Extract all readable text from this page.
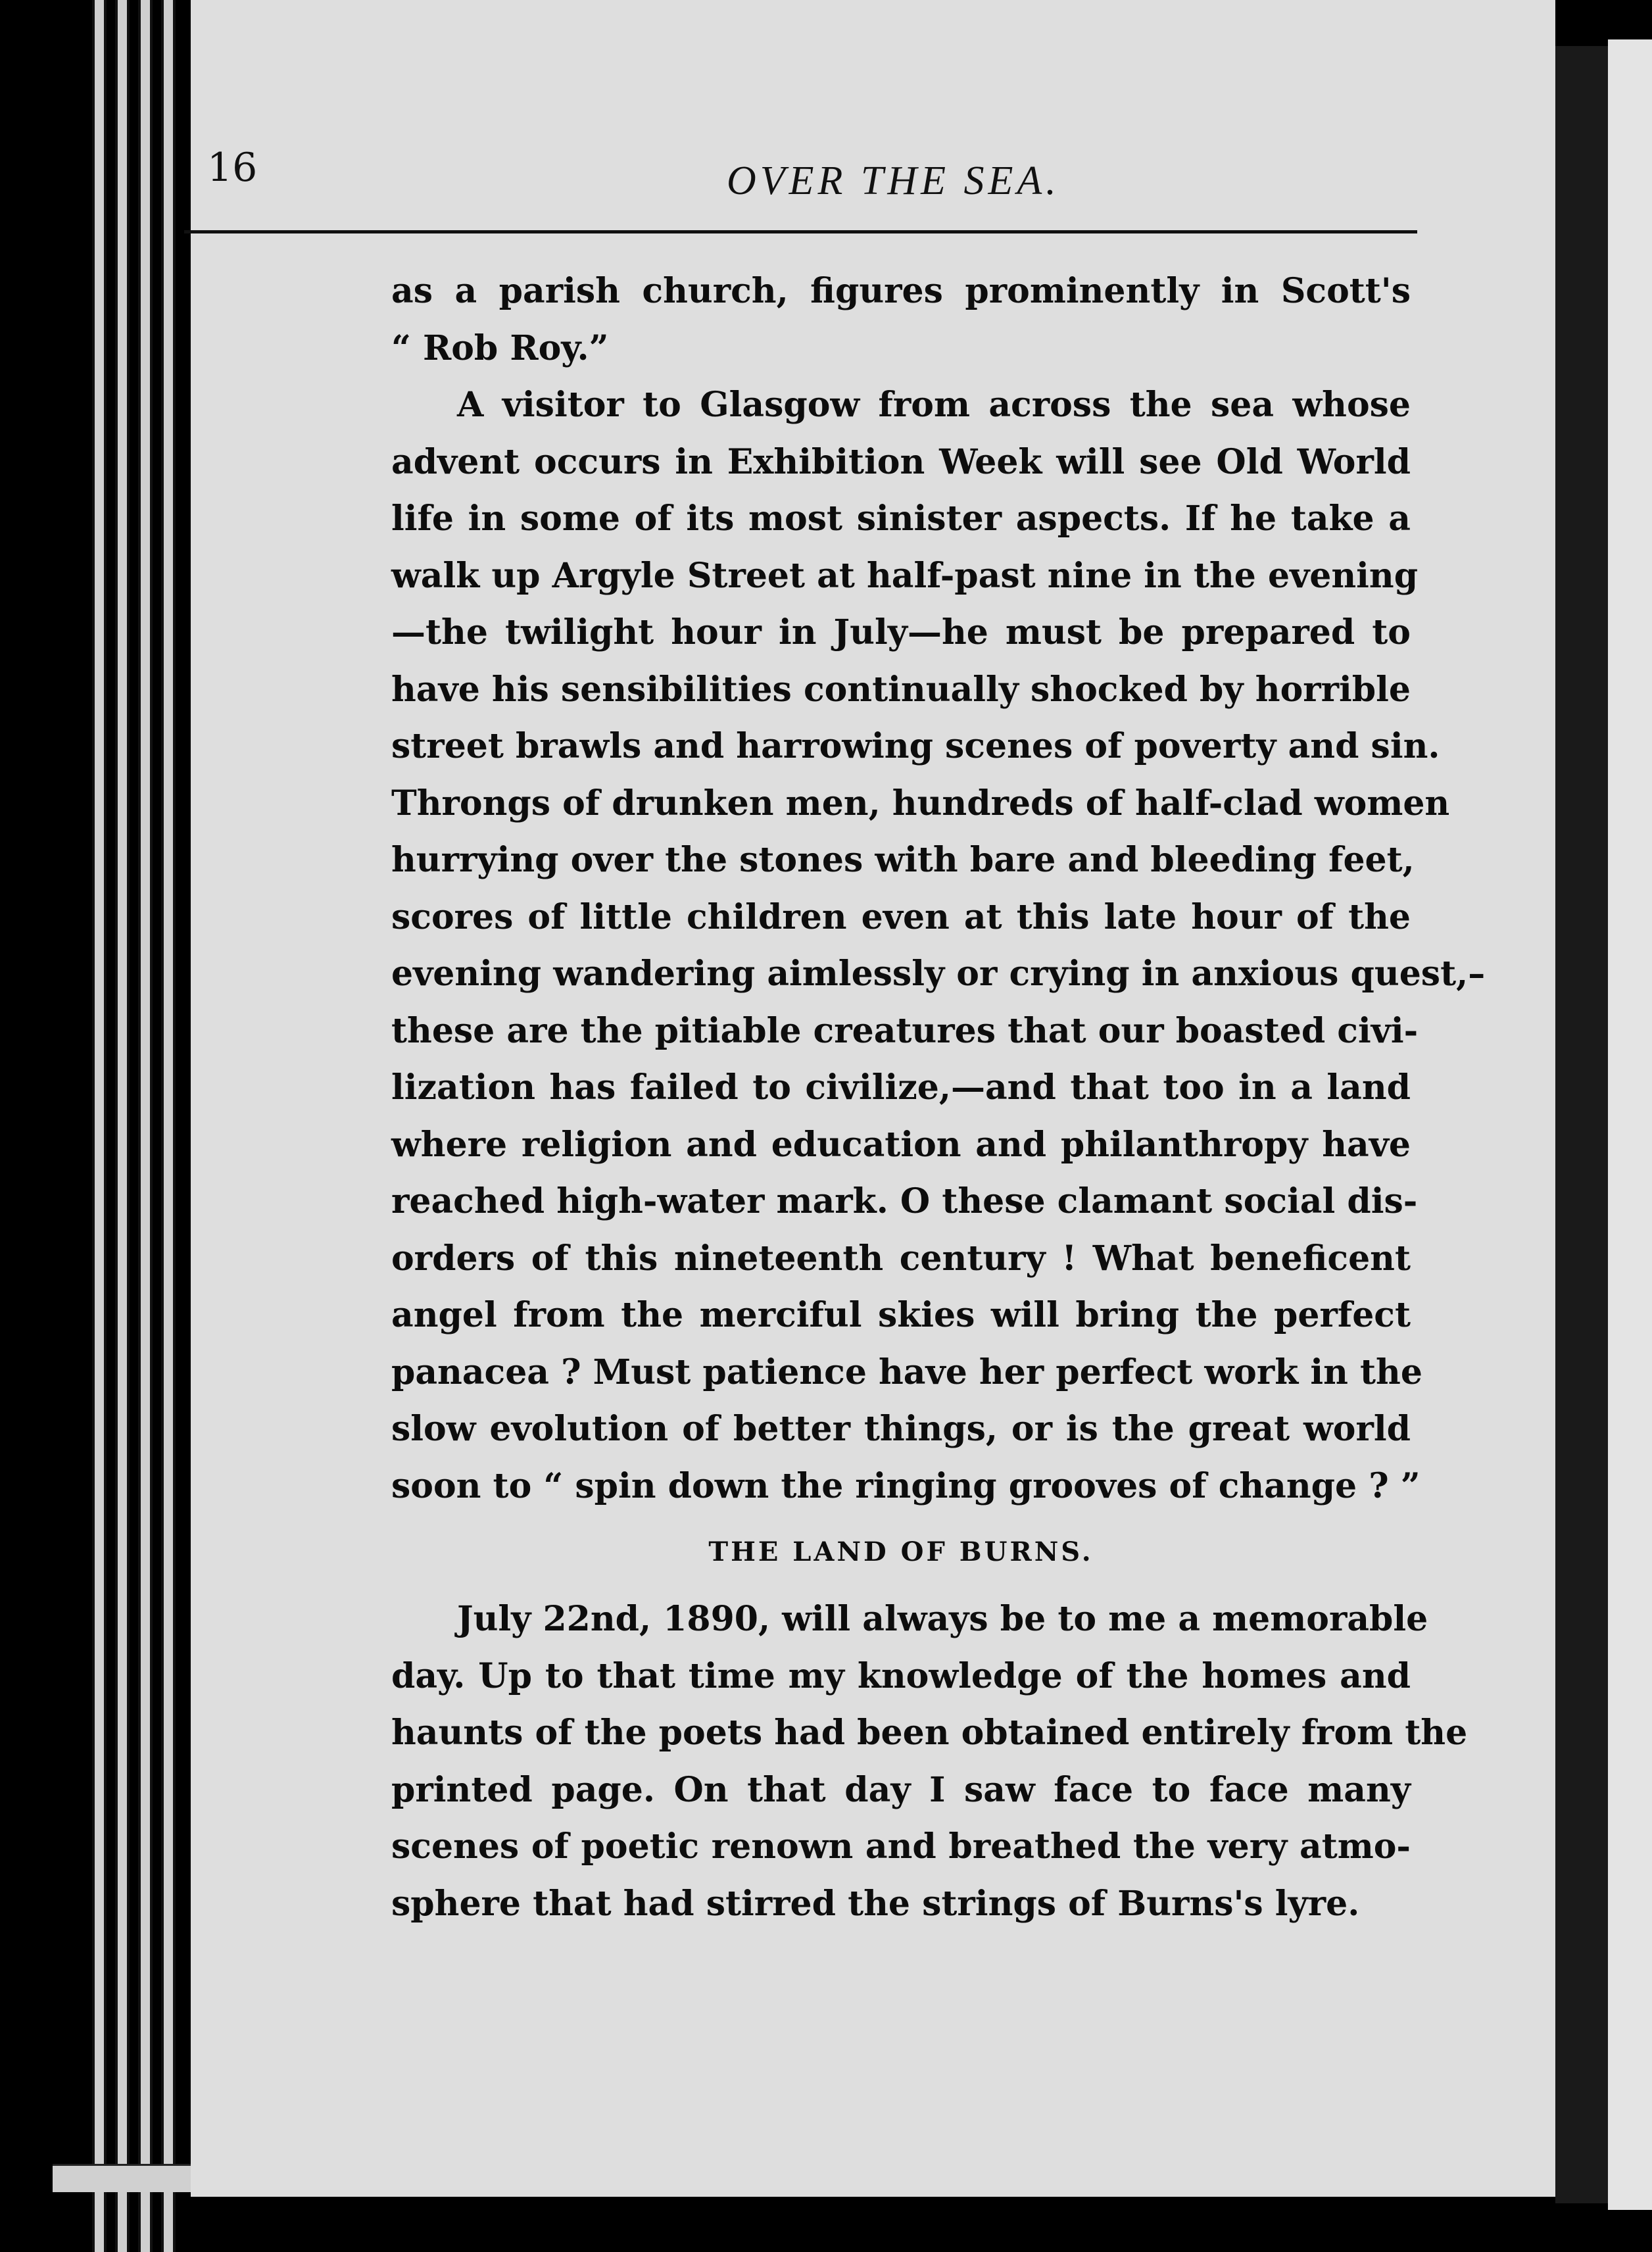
16	OVER THE SEA.
as a parish church, figures prominently in Scott's
“ Rob Roy.”
A visitor to Glasgow from across the sea whose
advent occurs in Exhibition Week will see Old World
life in some of its most sinister aspects. If he take a
walk up Argyle Street at half-past nine in the evening
—the twilight hour in July—he must be prepared to
have his sensibilities continually shocked by horrible
street brawls and harrowing scenes of poverty and sin.
Throngs of drunken men, hundreds of half-clad women
hurrying over the stones with bare and bleeding feet,
scores of little children even at this late hour of the
evening wandering aimlessly or crying in anxious quest,–
these are the pitiable creatures that our boasted civi-
lization has failed to civilize,—and that too in a land
where religion and education and philanthropy have
reached high-water mark. O these clamant social dis-
orders of this nineteenth century ! What beneficent
angel from the merciful skies will bring the perfect
panacea ? Must patience have her perfect work in the
slow evolution of better things, or is the great world
soon to “ spin down the ringing grooves of change ? ”
THE LAND OF BURNS.
July 22nd, 1890, will always be to me a memorable
day. Up to that time my knowledge of the homes and
haunts of the poets had been obtained entirely from the
printed page. On that day I saw face to face many
scenes of poetic renown and breathed the very atmo-
sphere that had stirred the strings of Burns's lyre.
